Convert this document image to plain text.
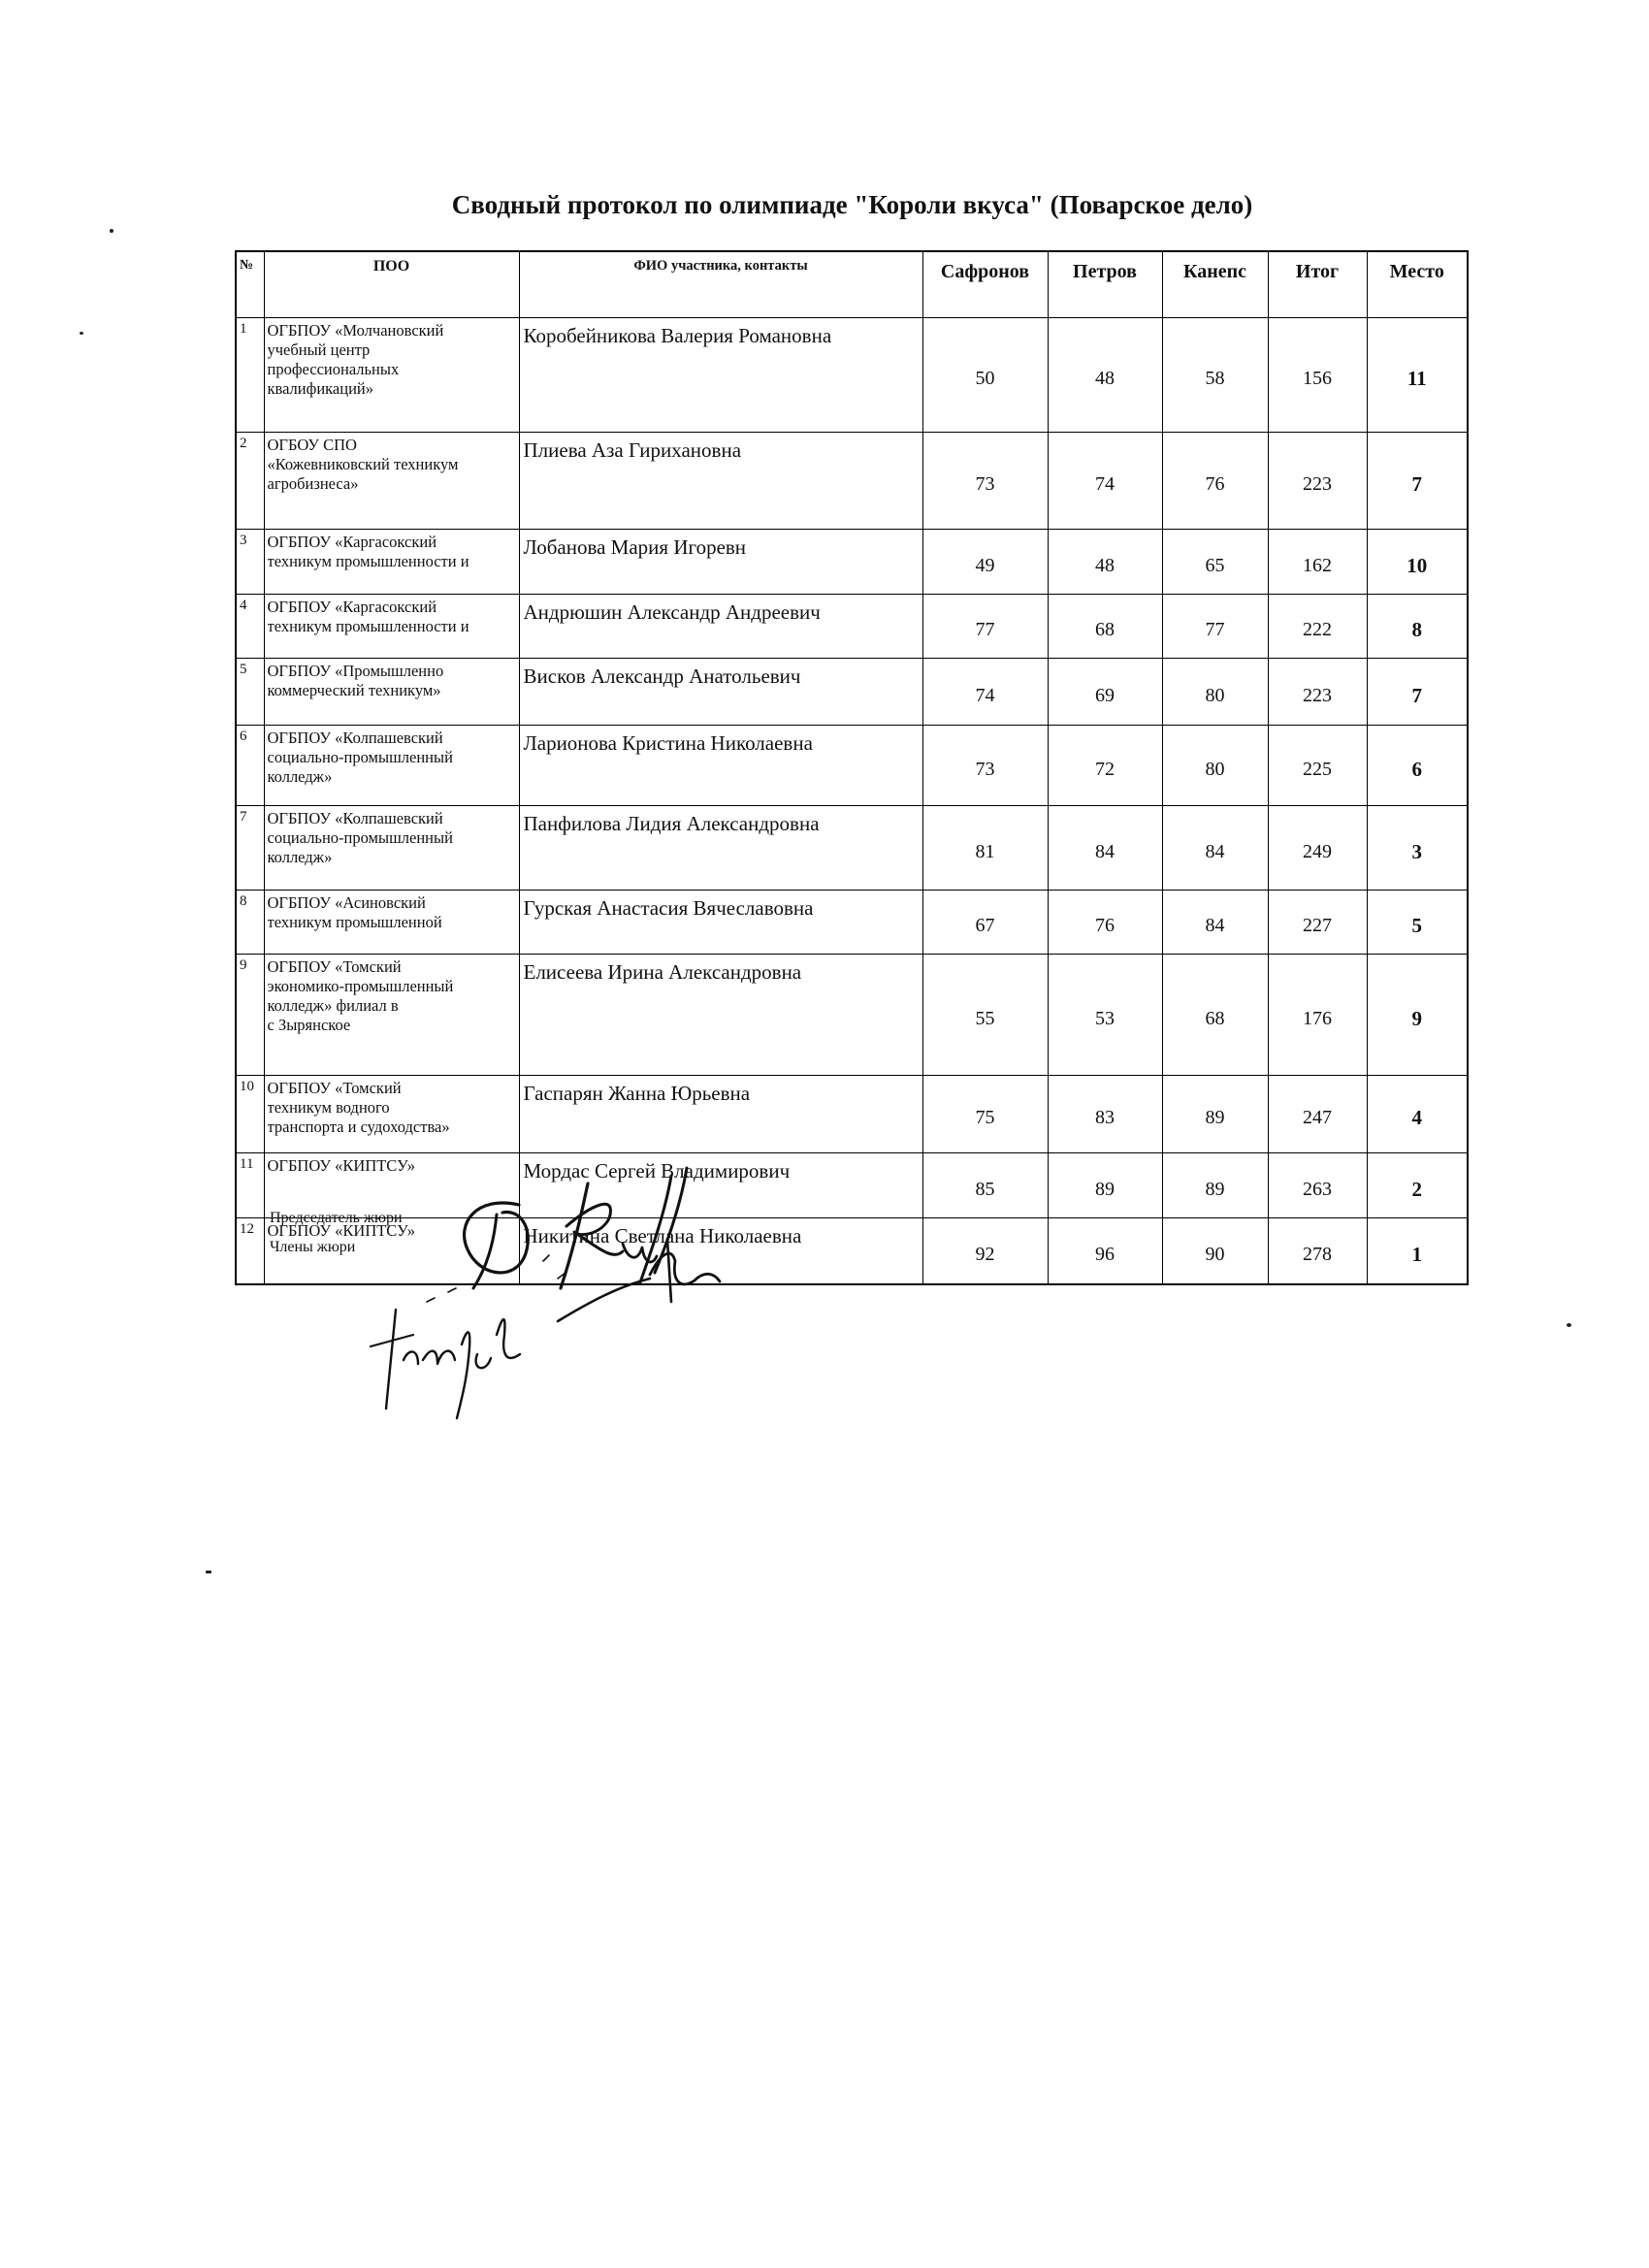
Сводный протокол по олимпиаде "Короли вкуса" (Поварское дело)
№	ПОО	ФИО участника, контакты	Сафронов	Петров	Канепс	Итог	Место
1	ОГБПОУ «Молчановский
учебный центр
профессиональных
квалификаций»	Коробейникова Валерия Романовна	50	48	58	156	11
2	ОГБОУ СПО
«Кожевниковский техникум
агробизнеса»	Плиева Аза Гирихановна	73	74	76	223	7
3	ОГБПОУ «Каргасокский
техникум промышленности и	Лобанова Мария Игоревн	49	48	65	162	10
4	ОГБПОУ «Каргасокский
техникум промышленности и	Андрюшин Александр Андреевич	77	68	77	222	8
5	ОГБПОУ «Промышленно
коммерческий техникум»	Висков Александр Анатольевич	74	69	80	223	7
6	ОГБПОУ «Колпашевский
социально-промышленный
колледж»	Ларионова Кристина Николаевна	73	72	80	225	6
7	ОГБПОУ «Колпашевский
социально-промышленный
колледж»	Панфилова Лидия Александровна	81	84	84	249	3
8	ОГБПОУ «Асиновский
техникум промышленной	Гурская Анастасия Вячеславовна	67	76	84	227	5
9	ОГБПОУ «Томский
экономико-промышленный
колледж» филиал в
с Зырянское	Елисеева Ирина Александровна	55	53	68	176	9
10	ОГБПОУ «Томский
техникум водного
транспорта и судоходства»	Гаспарян Жанна Юрьевна	75	83	89	247	4
11	ОГБПОУ «КИПТСУ»	Мордас Сергей Владимирович	85	89	89	263	2
12	ОГБПОУ «КИПТСУ»	Никитина Светлана Николаевна	92	96	90	278	1
Председатель жюри
Члены жюри
